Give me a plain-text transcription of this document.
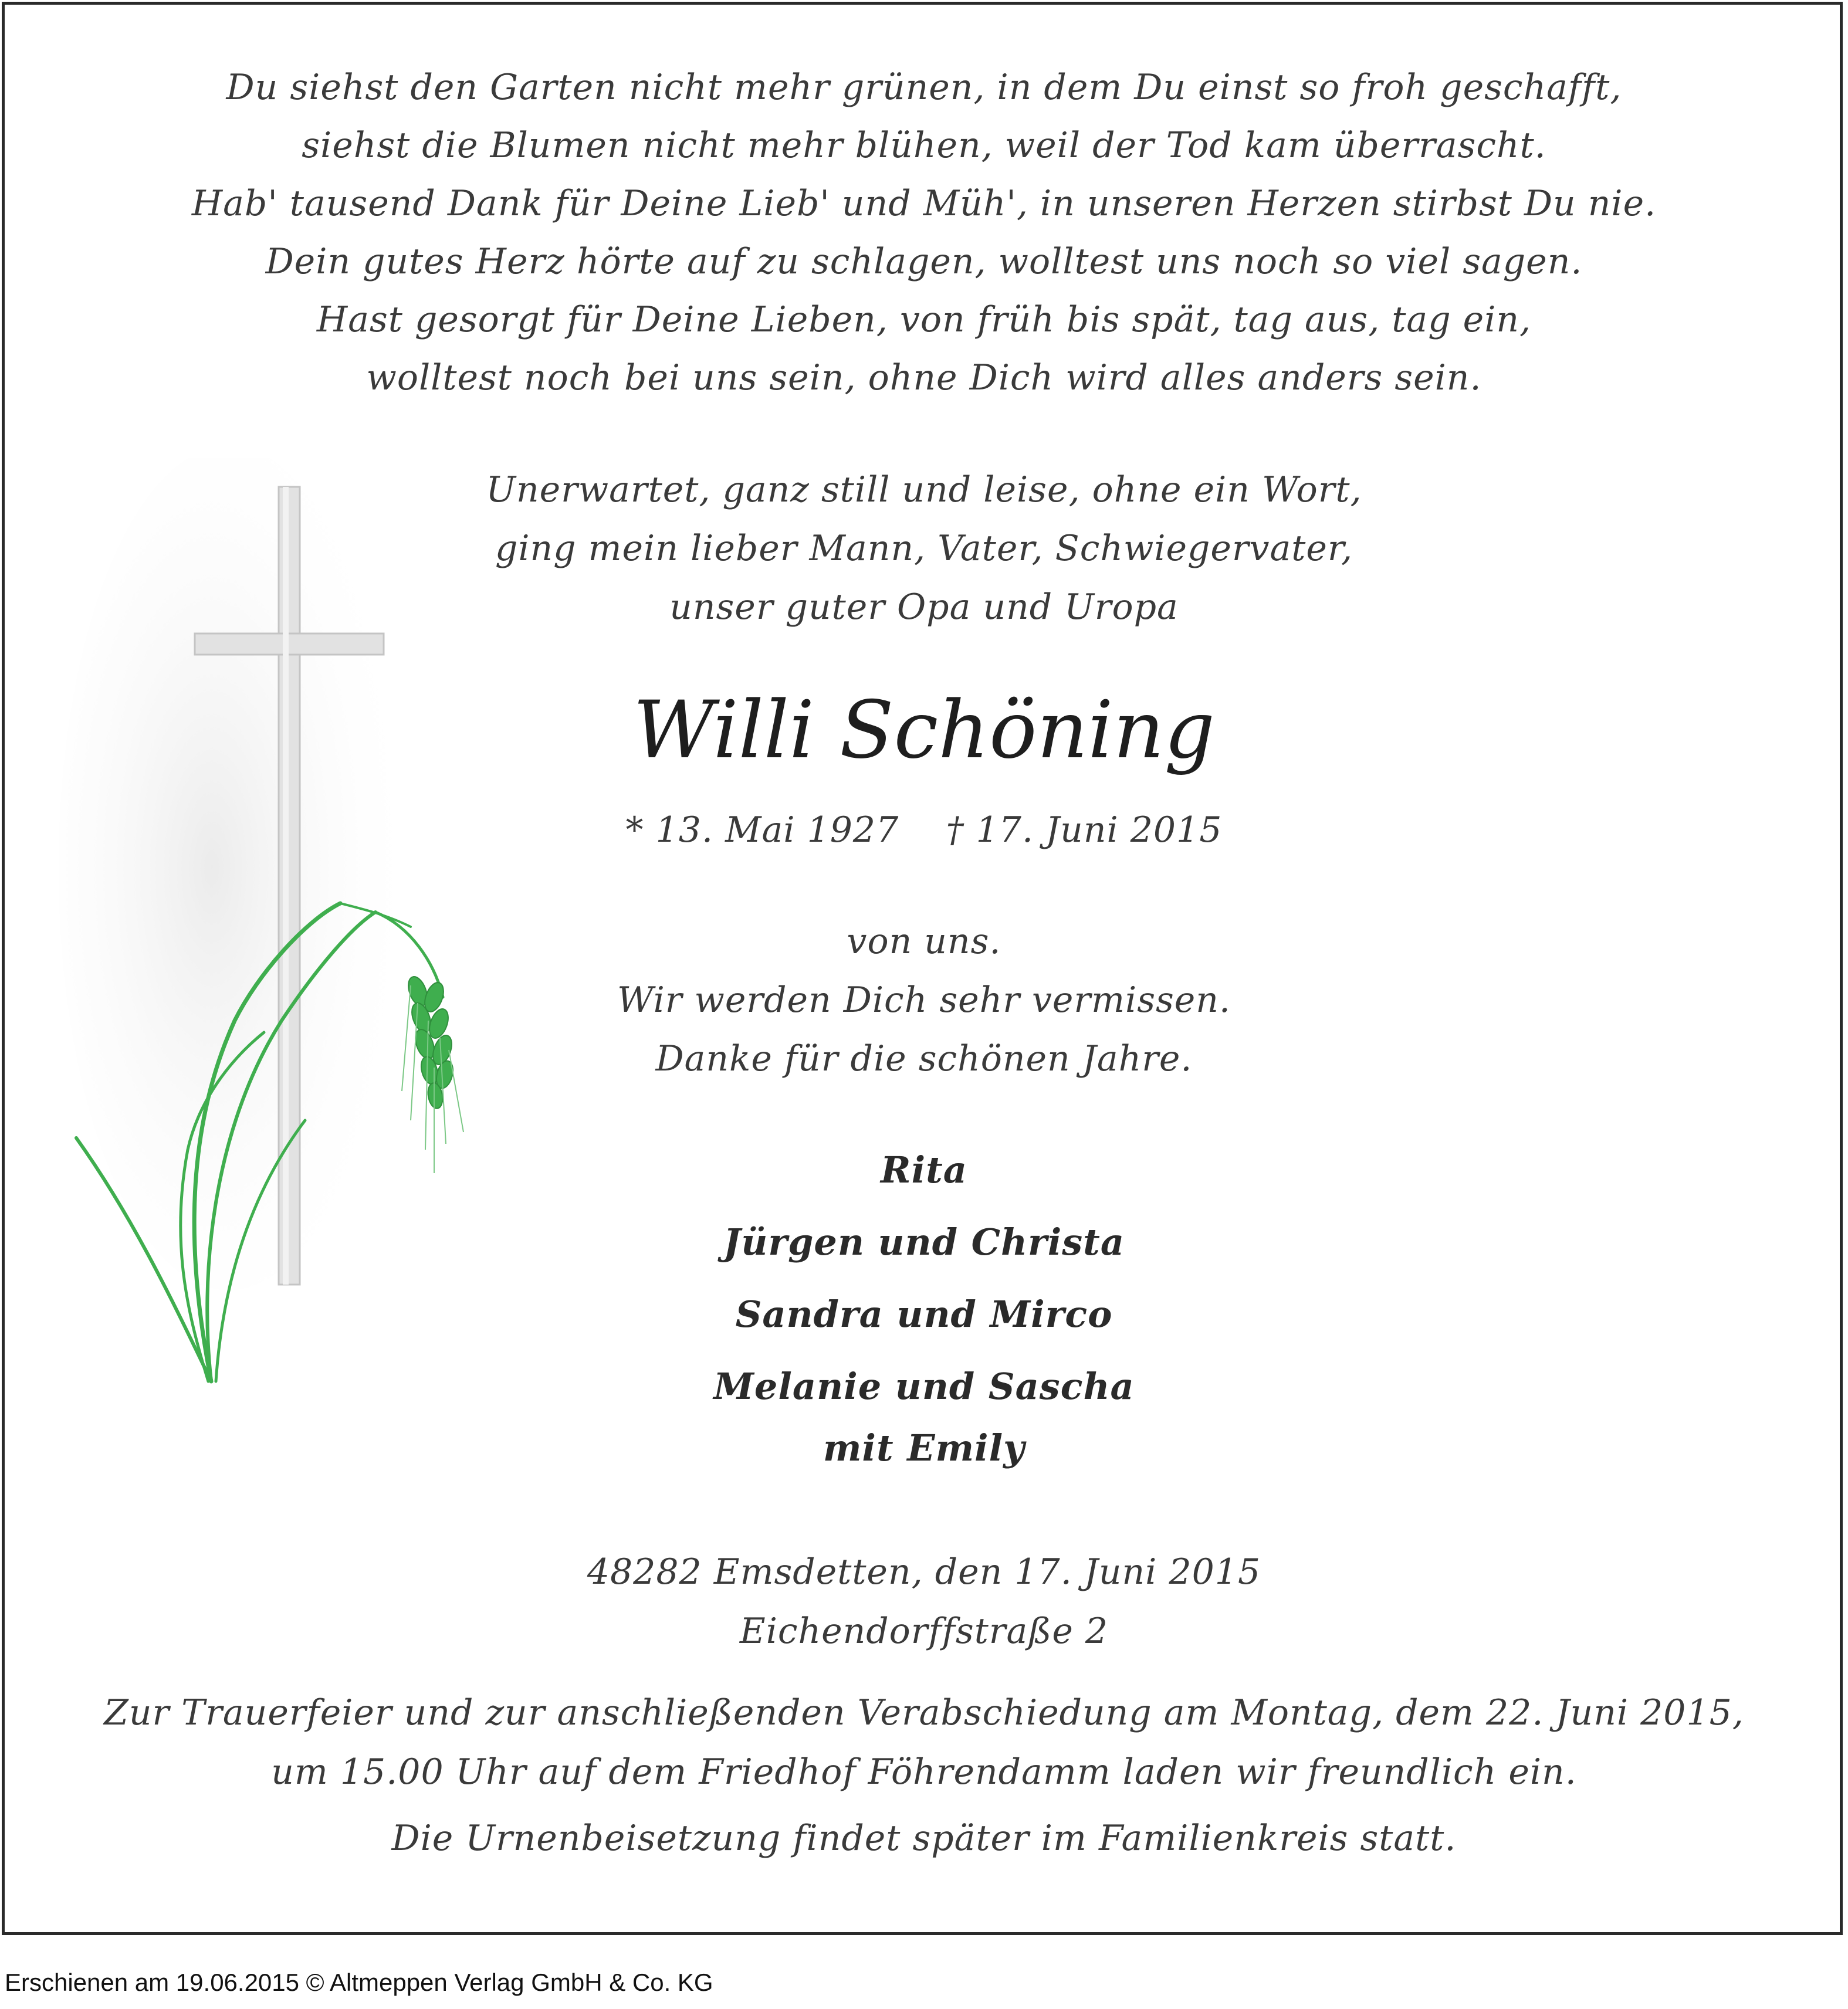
Du siehst den Garten nicht mehr grünen, in dem Du einst so froh geschafft,
siehst die Blumen nicht mehr blühen, weil der Tod kam überrascht.
Hab' tausend Dank für Deine Lieb' und Müh', in unseren Herzen stirbst Du nie.
Dein gutes Herz hörte auf zu schlagen, wolltest uns noch so viel sagen.
Hast gesorgt für Deine Lieben, von früh bis spät, tag aus, tag ein,
wolltest noch bei uns sein, ohne Dich wird alles anders sein.
Unerwartet, ganz still und leise, ohne ein Wort,
ging mein lieber Mann, Vater, Schwiegervater,
unser guter Opa und Uropa
Willi Schöning
* 13. Mai 1927    † 17. Juni 2015
von uns.
Wir werden Dich sehr vermissen.
Danke für die schönen Jahre.
Rita
Jürgen und Christa
Sandra und Mirco
Melanie und Sascha
mit Emily
48282 Emsdetten, den 17. Juni 2015
Eichendorffstraße 2
Zur Trauerfeier und zur anschließenden Verabschiedung am Montag, dem 22. Juni 2015,
um 15.00 Uhr auf dem Friedhof Föhrendamm laden wir freundlich ein.
Die Urnenbeisetzung findet später im Familienkreis statt.
Erschienen am 19.06.2015 © Altmeppen Verlag GmbH & Co. KG
